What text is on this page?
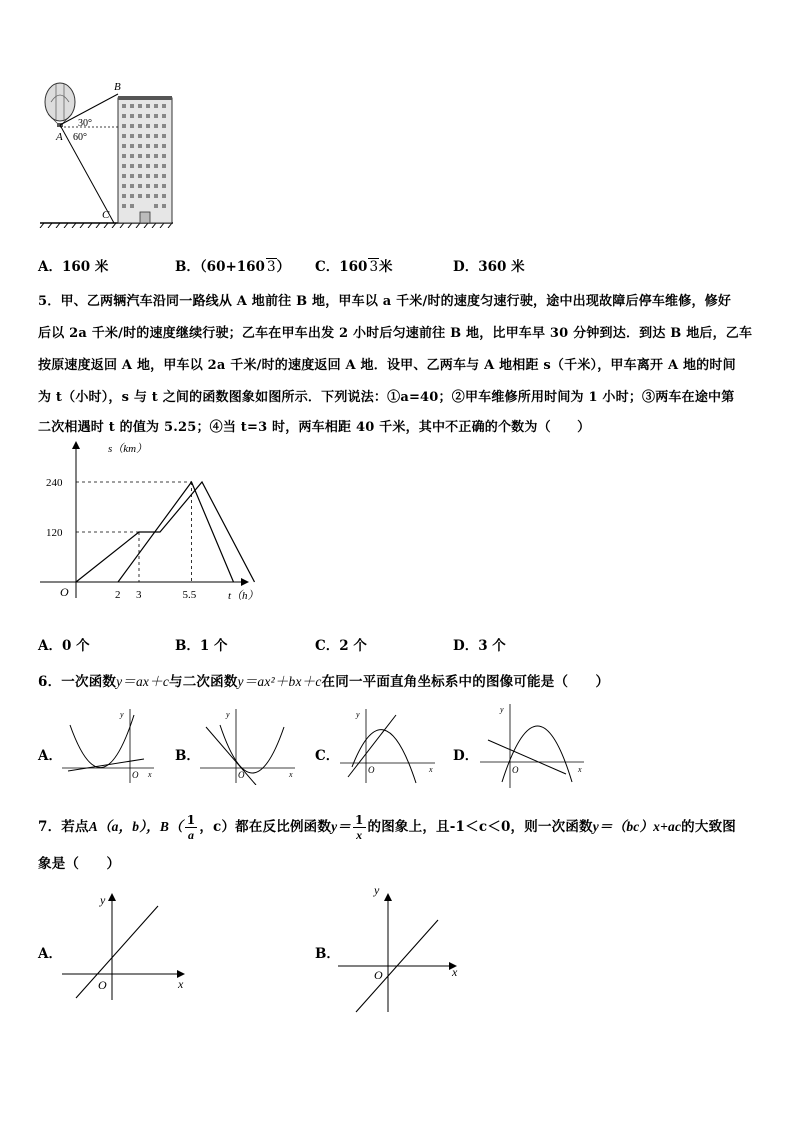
B
A
C
30°
60°
A．160 米	B．（60+160 3） C．160 3米	D．360 米
5．甲、乙两辆汽车沿同一路线从 A 地前往 B 地，甲车以 a 千米/时的速度匀速行驶，途中出现故障后停车维修，修好
后以 2a 千米/时的速度继续行驶；乙车在甲车出发 2 小时后匀速前往 B 地，比甲车早 30 分钟到达．到达 B 地后，乙车
按原速度返回 A 地，甲车以 2a 千米/时的速度返回 A 地．设甲、乙两车与 A 地相距 s（千米），甲车离开 A 地的时间
为 t（小时），s 与 t 之间的函数图象如图所示．下列说法：①a=40；②甲车维修所用时间为 1 小时；③两车在途中第
二次相遇时 t 的值为 5.25；④当 t=3 时，两车相距 40 千米，其中不正确的个数为（　　）
s（km）
t（h）
O
120
240
2 3	5.5
A．0 个	B．1 个	C．2 个	D．3 个
6．一次函数y＝ax＋c与二次函数y＝ax²＋bx＋c在同一平面直角坐标系中的图像可能是（　　）
A．
y
x
O
B．
y
x
O
C．
y
x
O
D．
y
x
O
7．若点A（a，b），$B( \frac{1}{a}$ ，c）都在反比例函数$y= \frac{1}{x}$ 的图象上，且-1＜c＜0，则一次函数y＝（bc）x+ac的大致图
象是（　　）
A．
y
x
O
B．
y
x
O
